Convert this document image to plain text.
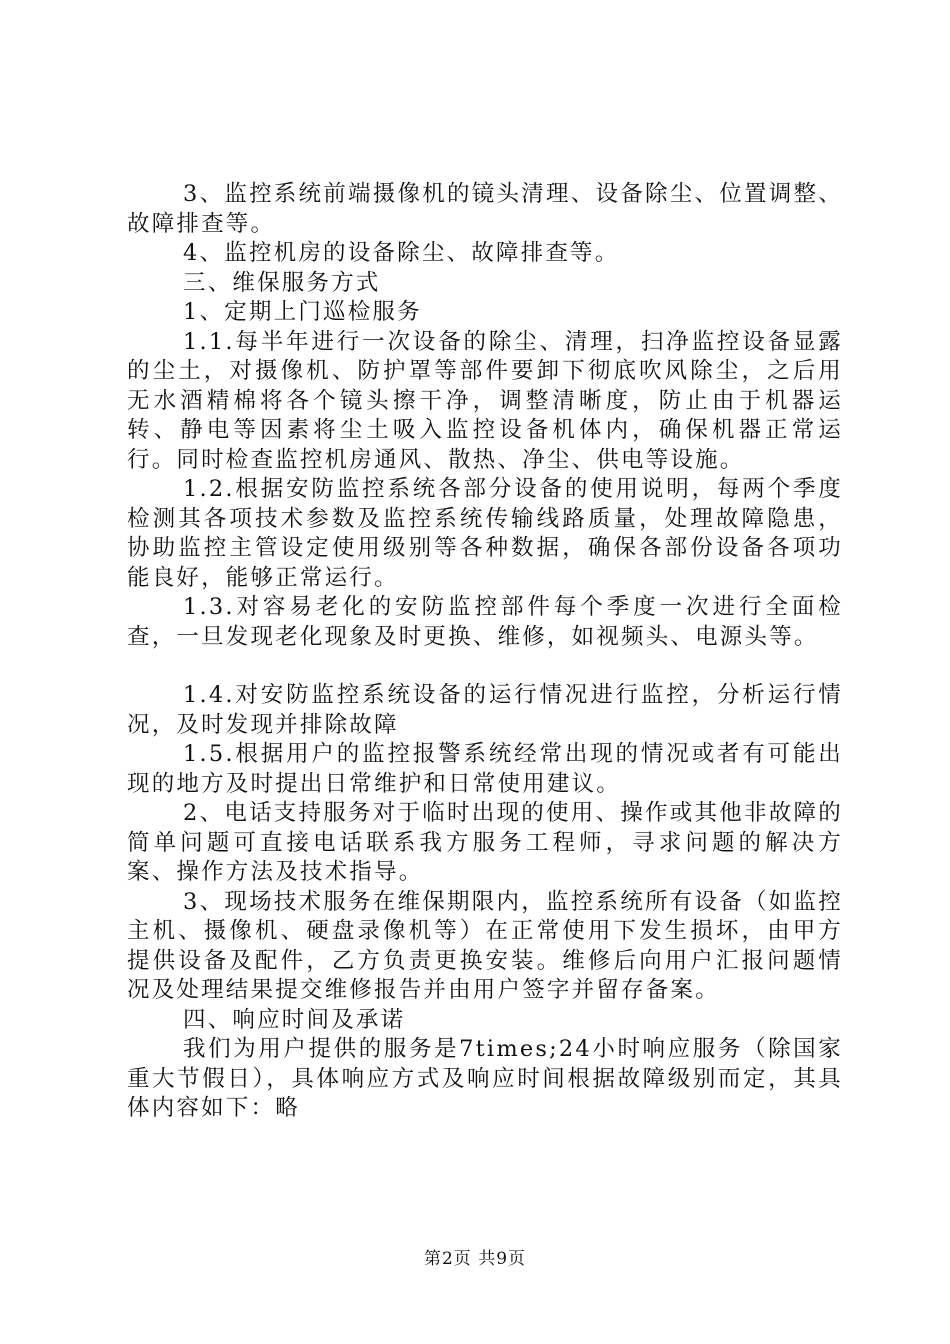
3、监控系统前端摄像机的镜头清理、设备除尘、位置调整、故障排查等。

4、监控机房的设备除尘、故障排查等。

三、维保服务方式

1、定期上门巡检服务

1.1.每半年进行一次设备的除尘、清理，扫净监控设备显露的尘土，对摄像机、防护罩等部件要卸下彻底吹风除尘，之后用无水酒精棉将各个镜头擦干净，调整清晰度，防止由于机器运转、静电等因素将尘土吸入监控设备机体内，确保机器正常运行。同时检查监控机房通风、散热、净尘、供电等设施。

1.2.根据安防监控系统各部分设备的使用说明，每两个季度检测其各项技术参数及监控系统传输线路质量，处理故障隐患，协助监控主管设定使用级别等各种数据，确保各部份设备各项功能良好，能够正常运行。

1.3.对容易老化的安防监控部件每个季度一次进行全面检查，一旦发现老化现象及时更换、维修，如视频头、电源头等。

1.4.对安防监控系统设备的运行情况进行监控，分析运行情况，及时发现并排除故障

1.5.根据用户的监控报警系统经常出现的情况或者有可能出现的地方及时提出日常维护和日常使用建议。

2、电话支持服务对于临时出现的使用、操作或其他非故障的简单问题可直接电话联系我方服务工程师，寻求问题的解决方案、操作方法及技术指导。

3、现场技术服务在维保期限内，监控系统所有设备（如监控主机、摄像机、硬盘录像机等）在正常使用下发生损坏，由甲方提供设备及配件，乙方负责更换安装。维修后向用户汇报问题情况及处理结果提交维修报告并由用户签字并留存备案。

四、响应时间及承诺

我们为用户提供的服务是7times;24小时响应服务（除国家重大节假日），具体响应方式及响应时间根据故障级别而定，其具体内容如下：略

第2页 共9页
